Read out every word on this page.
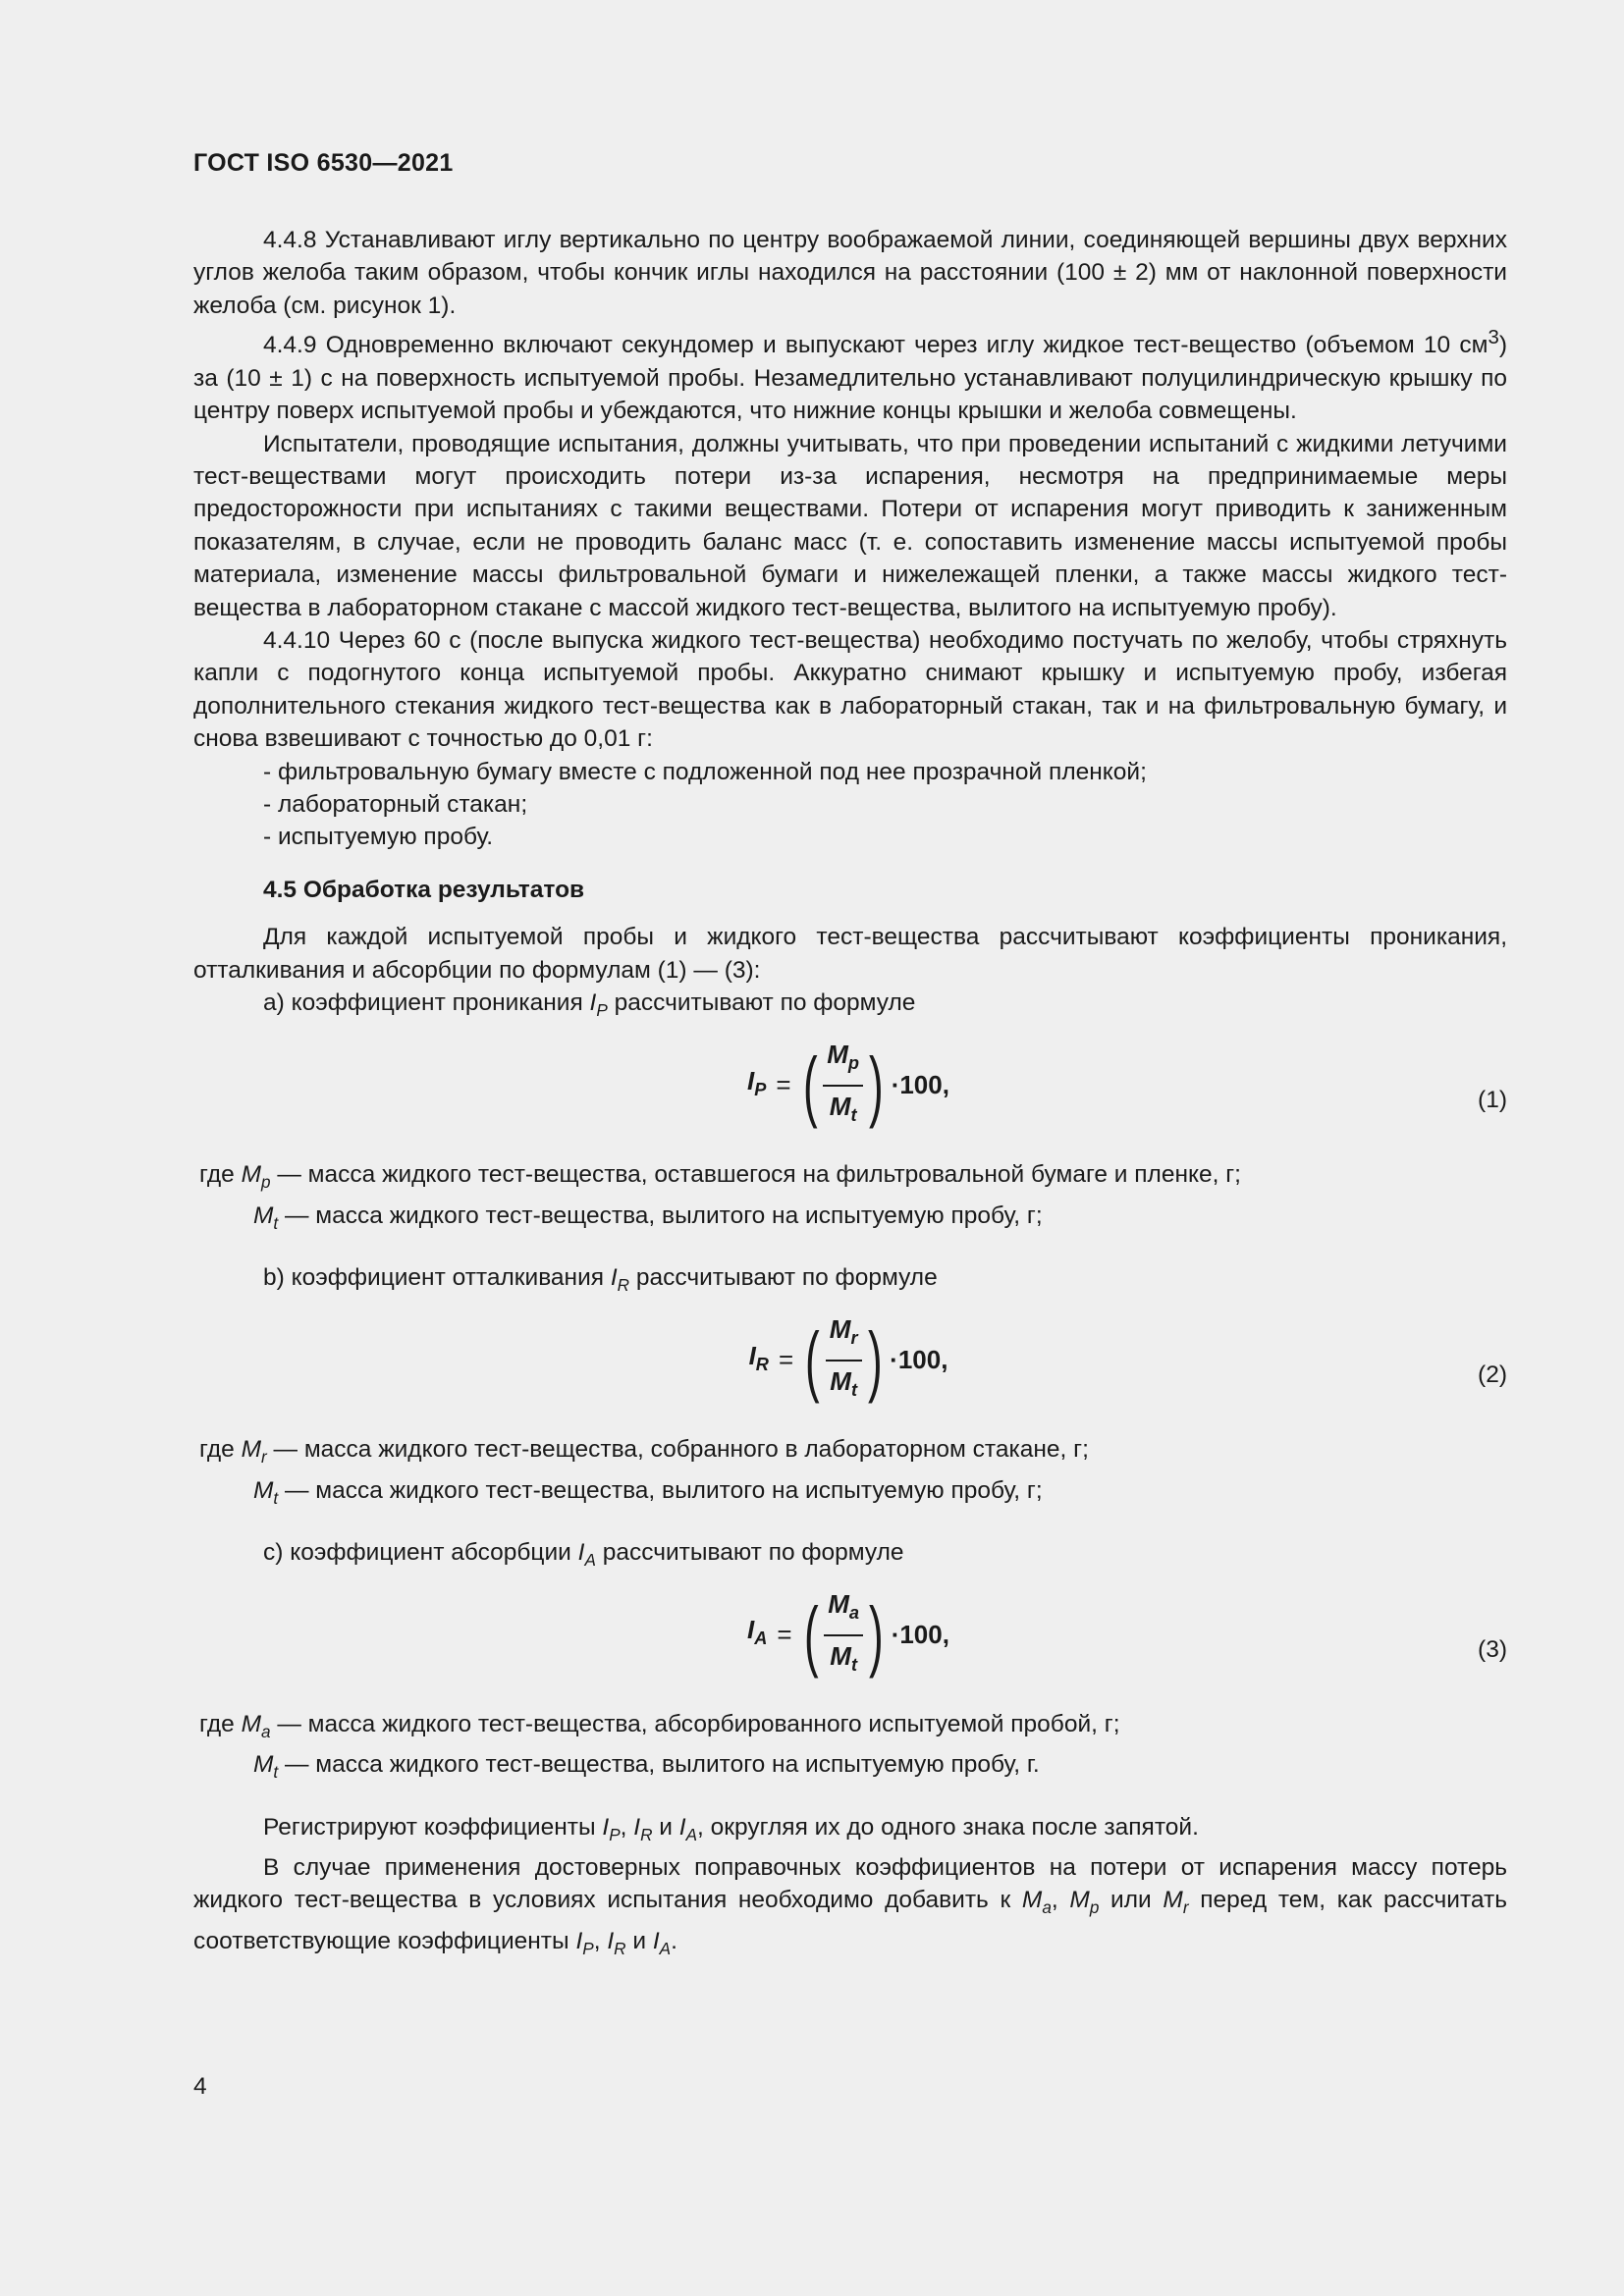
ГОСТ ISO 6530—2021

4.4.8 Устанавливают иглу вертикально по центру воображаемой линии, соединяющей вершины двух верхних углов желоба таким образом, чтобы кончик иглы находился на расстоянии (100 ± 2) мм от наклонной поверхности желоба (см. рисунок 1).

4.4.9 Одновременно включают секундомер и выпускают через иглу жидкое тест-вещество (объемом 10 $см^3$) за (10 ± 1) с на поверхность испытуемой пробы. Незамедлительно устанавливают полуцилиндрическую крышку по центру поверх испытуемой пробы и убеждаются, что нижние концы крышки и желоба совмещены.

Испытатели, проводящие испытания, должны учитывать, что при проведении испытаний с жидкими летучими тест-веществами могут происходить потери из-за испарения, несмотря на предпринимаемые меры предосторожности при испытаниях с такими веществами. Потери от испарения могут приводить к заниженным показателям, в случае, если не проводить баланс масс (т. е. сопоставить изменение массы испытуемой пробы материала, изменение массы фильтровальной бумаги и нижележащей пленки, а также массы жидкого тест-вещества в лабораторном стакане с массой жидкого тест-вещества, вылитого на испытуемую пробу).

4.4.10 Через 60 с (после выпуска жидкого тест-вещества) необходимо постучать по желобу, чтобы стряхнуть капли с подогнутого конца испытуемой пробы. Аккуратно снимают крышку и испытуемую пробу, избегая дополнительного стекания жидкого тест-вещества как в лабораторный стакан, так и на фильтровальную бумагу, и снова взвешивают с точностью до 0,01 г:

- фильтровальную бумагу вместе с подложенной под нее прозрачной пленкой;

- лабораторный стакан;

- испытуемую пробу.

4.5 Обработка результатов

Для каждой испытуемой пробы и жидкого тест-вещества рассчитывают коэффициенты проникания, отталкивания и абсорбции по формулам (1) — (3):

a) коэффициент проникания $I_P$ рассчитывают по формуле

$I_P$ = ( $\frac{M_p}{M_t}$ ) ·100,
(1)

где $M_p$ — масса жидкого тест-вещества, оставшегося на фильтровальной бумаге и пленке, г;

$M_t$ — масса жидкого тест-вещества, вылитого на испытуемую пробу, г;

b) коэффициент отталкивания $I_R$ рассчитывают по формуле

$I_R$ = ( $\frac{M_r}{M_t}$ ) ·100,
(2)

где $M_r$ — масса жидкого тест-вещества, собранного в лабораторном стакане, г;

$M_t$ — масса жидкого тест-вещества, вылитого на испытуемую пробу, г;

c) коэффициент абсорбции $I_A$ рассчитывают по формуле

$I_A$ = ( $\frac{M_a}{M_t}$ ) ·100,
(3)

где $M_a$ — масса жидкого тест-вещества, абсорбированного испытуемой пробой, г;

$M_t$ — масса жидкого тест-вещества, вылитого на испытуемую пробу, г.

Регистрируют коэффициенты $I_P$, $I_R$ и $I_A$, округляя их до одного знака после запятой.

В случае применения достоверных поправочных коэффициентов на потери от испарения массу потерь жидкого тест-вещества в условиях испытания необходимо добавить к $M_a$, $M_p$ или $M_r$ перед тем, как рассчитать соответствующие коэффициенты $I_P$, $I_R$ и $I_A$.

4
